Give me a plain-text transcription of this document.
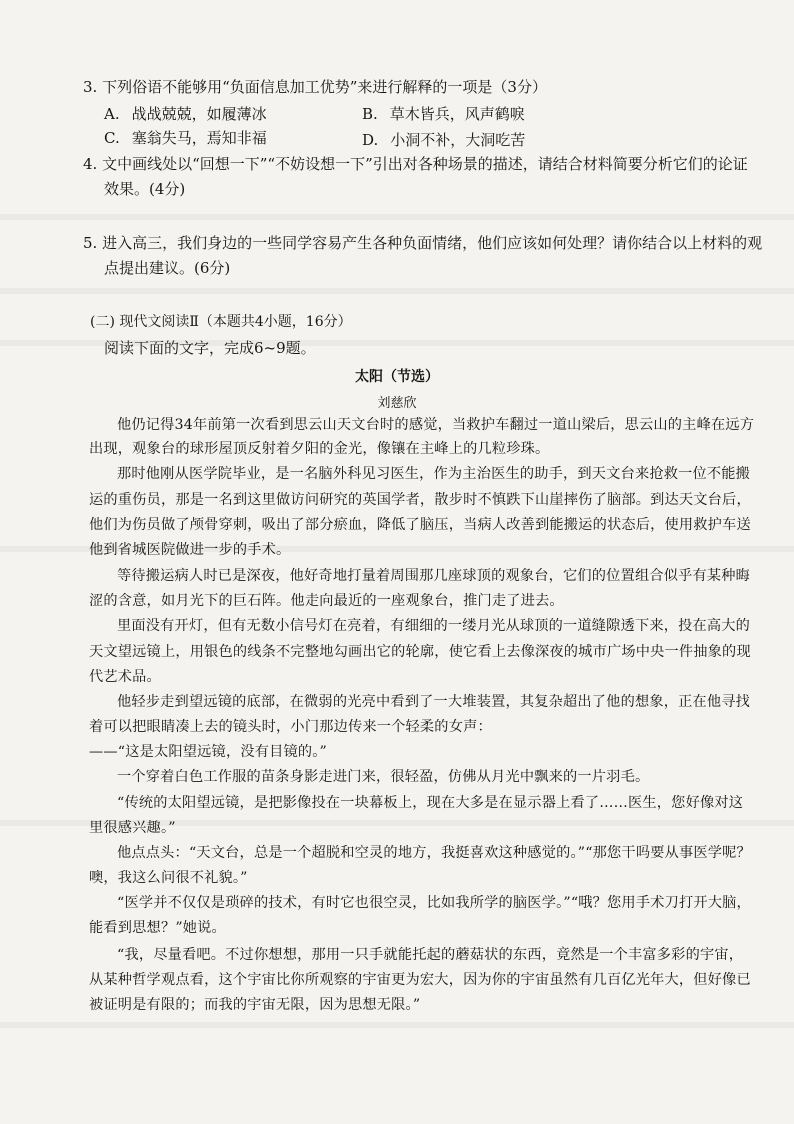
3. 下列俗语不能够用“负面信息加工优势”来进行解释的一项是（3分）
A. 战战兢兢，如履薄冰	B. 草木皆兵，风声鹤唳
C. 塞翁失马，焉知非福	D. 小洞不补，大洞吃苦
4. 文中画线处以“回想一下”“不妨设想一下”引出对各种场景的描述，请结合材料简要分析它们的论证
效果。(4分)
5. 进入高三，我们身边的一些同学容易产生各种负面情绪，他们应该如何处理？请你结合以上材料的观
点提出建议。(6分)
(二) 现代文阅读Ⅱ（本题共4小题，16分）
阅读下面的文字，完成6~9题。
太阳（节选）
刘慈欣
他仍记得34年前第一次看到思云山天文台时的感觉，当救护车翻过一道山梁后，思云山的主峰在远方
出现，观象台的球形屋顶反射着夕阳的金光，像镶在主峰上的几粒珍珠。
那时他刚从医学院毕业，是一名脑外科见习医生，作为主治医生的助手，到天文台来抢救一位不能搬
运的重伤员，那是一名到这里做访问研究的英国学者，散步时不慎跌下山崖摔伤了脑部。到达天文台后，
他们为伤员做了颅骨穿刺，吸出了部分瘀血，降低了脑压，当病人改善到能搬运的状态后，使用救护车送
他到省城医院做进一步的手术。
等待搬运病人时已是深夜，他好奇地打量着周围那几座球顶的观象台，它们的位置组合似乎有某种晦
涩的含意，如月光下的巨石阵。他走向最近的一座观象台，推门走了进去。
里面没有开灯，但有无数小信号灯在亮着，有细细的一缕月光从球顶的一道缝隙透下来，投在高大的
天文望远镜上，用银色的线条不完整地勾画出它的轮廓，使它看上去像深夜的城市广场中央一件抽象的现
代艺术品。
他轻步走到望远镜的底部，在微弱的光亮中看到了一大堆装置，其复杂超出了他的想象，正在他寻找
着可以把眼睛凑上去的镜头时，小门那边传来一个轻柔的女声：
——“这是太阳望远镜，没有目镜的。”
一个穿着白色工作服的苗条身影走进门来，很轻盈，仿佛从月光中飘来的一片羽毛。
“传统的太阳望远镜，是把影像投在一块幕板上，现在大多是在显示器上看了……医生，您好像对这
里很感兴趣。”
他点点头：“天文台，总是一个超脱和空灵的地方，我挺喜欢这种感觉的。”“那您干吗要从事医学呢？
噢，我这么问很不礼貌。”
“医学并不仅仅是琐碎的技术，有时它也很空灵，比如我所学的脑医学。”“哦？您用手术刀打开大脑，
能看到思想？”她说。
“我，尽量看吧。不过你想想，那用一只手就能托起的蘑菇状的东西，竟然是一个丰富多彩的宇宙，
从某种哲学观点看，这个宇宙比你所观察的宇宙更为宏大，因为你的宇宙虽然有几百亿光年大，但好像已
被证明是有限的；而我的宇宙无限，因为思想无限。”
